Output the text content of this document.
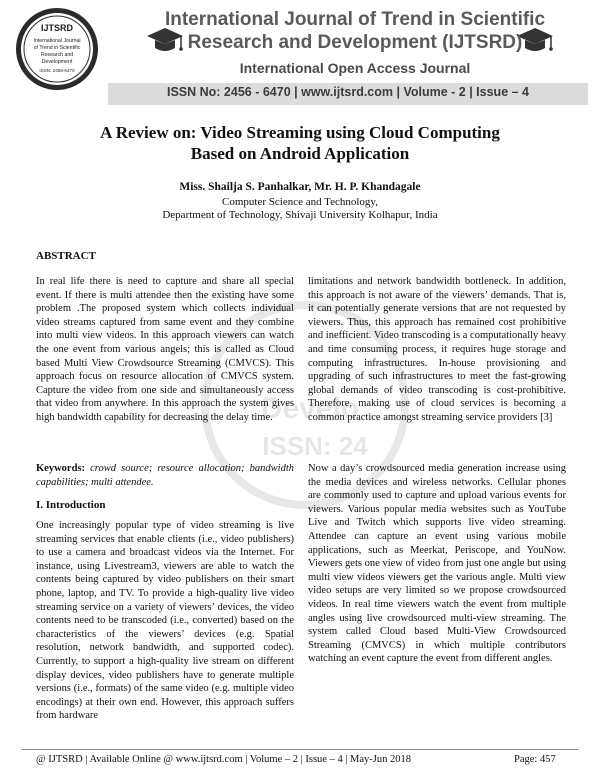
IJTSRD
International Journal
of Trend in Scientific
Research and
Development
ISSN: 2456-6470
International Journal of Trend in Scientific
Research and Development (IJTSRD)
International Open Access Journal
ISSN No: 2456 - 6470 | www.ijtsrd.com | Volume - 2 | Issue – 4
A Review on: Video Streaming using Cloud Computing
Based on Android Application
Miss. Shailja S. Panhalkar, Mr. H. P. Khandagale
Computer Science and Technology,
Department of Technology, Shivaji University Kolhapur, India
Develo
ISSN: 24
ABSTRACT

In real life there is need to capture and share all special event. If there is multi attendee then the existing have some problem .The proposed system which collects individual video streams captured from same event and they combine into multi view videos. In this approach viewers can watch the one event from various angels; this is called as Cloud based Multi View Crowdsource Streaming (CMVCS). This approach focus on resource allocation of CMVCS system. Capture the video from one side and simultaneously access that video from anywhere. In this approach the system gives high bandwidth capability for decreasing the delay time.

Keywords: crowd source; resource allocation; bandwidth capabilities; multi attendee.
I. Introduction

One increasingly popular type of video streaming is live streaming services that enable clients (i.e., video publishers) to use a camera and broadcast videos via the Internet. For instance, using Livestream3, viewers are able to watch the contents being captured by video publishers on their smart phone, laptop, and TV. To provide a high-quality live video streaming service on a variety of viewers’ devices, the video contents need to be transcoded (i.e., converted) based on the characteristics of the viewers’ devices (e.g. Spatial resolution, network bandwidth, and supported codec). Currently, to support a high-quality live stream on different display devices, video publishers have to generate multiple versions (i.e., formats) of the same video (e.g. multiple video encodings) at their own end. However, this approach suffers from hardware

limitations and network bandwidth bottleneck. In addition, this approach is not aware of the viewers’ demands. That is, it can potentially generate versions that are not requested by viewers. Thus, this approach has remained cost prohibitive and inefficient. Video transcoding is a computationally heavy and time consuming process, it requires huge storage and computing infrastructures. In-house provisioning and upgrading of such infrastructures to meet the fast-growing global demands of video transcoding is cost-prohibitive. Therefore, making use of cloud services is becoming a common practice amongst streaming service providers [3]

Now a day’s crowdsourced media generation increase using the media devices and wireless networks. Cellular phones are commonly used to capture and upload various events for viewers. Various popular media websites such as YouTube Live and Twitch which supports live video streaming. Attendee can capture an event using various mobile applications, such as Meerkat, Periscope, and YouNow. Viewers gets one view of video from just one angle but using multi view videos viewers get the various angle. Multi view video setups are very limited so we propose crowdsourced videos. In real time viewers watch the event from multiple angles using live crowdsourced multi-view streaming. The system called Cloud based Multi-View Crowdsourced Streaming (CMVCS) in which multiple contributors watching an event capture the event from different angles.

@ IJTSRD | Available Online @ www.ijtsrd.com | Volume – 2 | Issue – 4 | May-Jun 2018	Page: 457
